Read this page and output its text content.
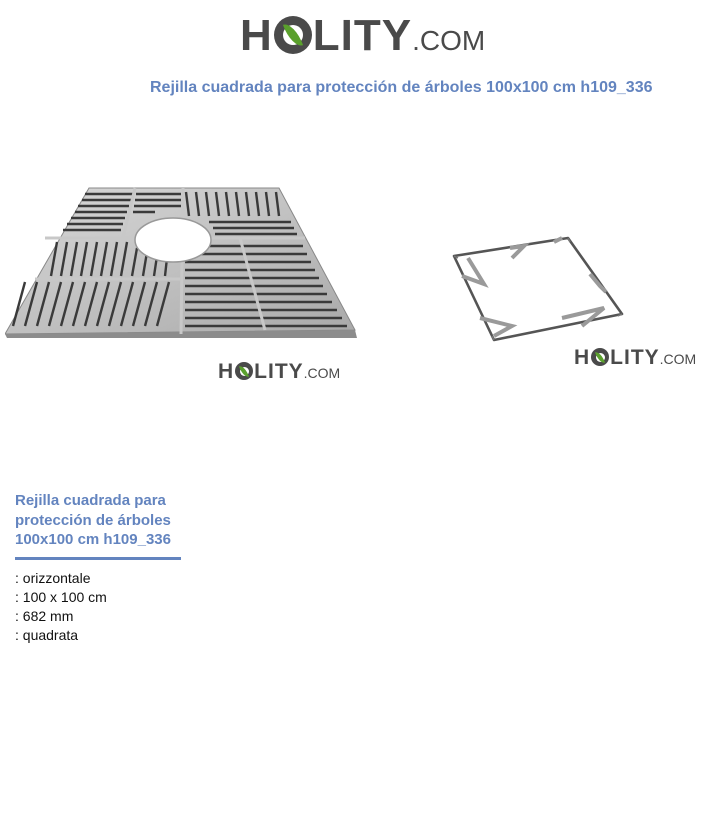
H LITY .COM
Rejilla cuadrada para protección de árboles 100x100 cm h109_336
H LITY .COM
H LITY .COM
Rejilla cuadrada para protección de árboles 100x100 cm h109_336
: orizzontale
: 100 x 100 cm
: 682 mm
: quadrata
